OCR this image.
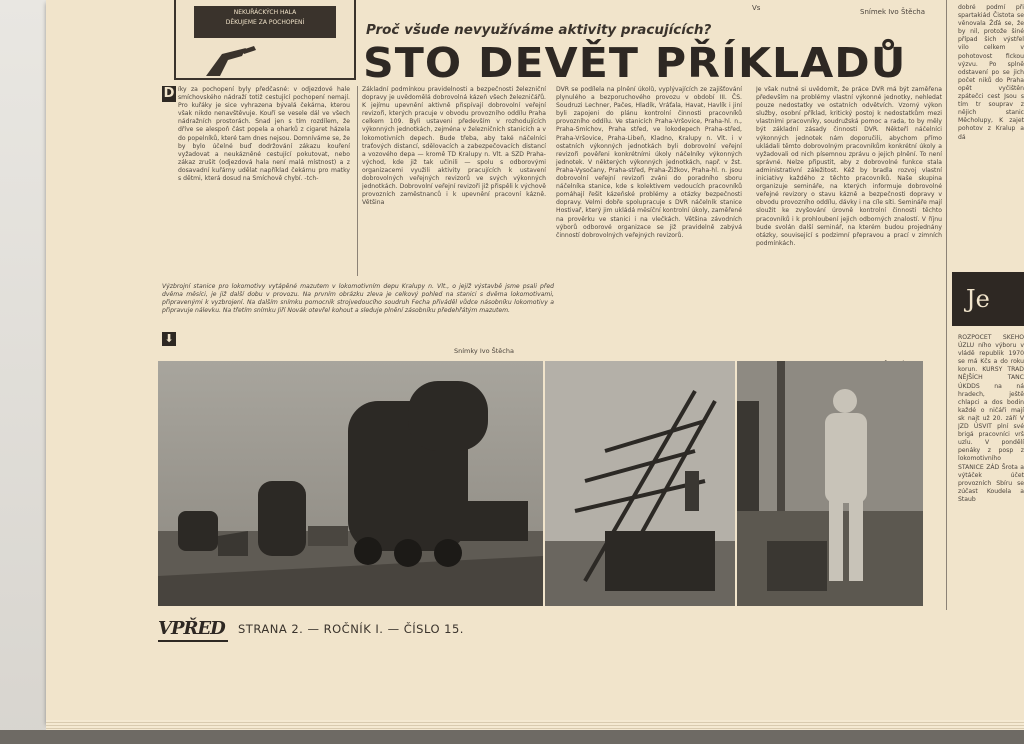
NEKUŘÁCKÝCH HALA
DĚKUJEME ZA POCHOPENÍ
Vs	Snímek Ivo Štěcha
Proč všude nevyužíváme aktivity pracujících?
STO DEVĚT PŘÍKLADŮ
D íky za pochopení byly předčasné: v odjezdové hale smíchovského nádraží totiž cestující pochopení nemají. Pro kuřáky je sice vyhrazena bývalá čekárna, kterou však nikdo nenavštěvuje. Kouří se vesele dál ve všech nádražních prostorách. Snad jen s tím rozdílem, že dříve se alespoň část popela a oharků z cigaret házela do popelníků, které tam dnes nejsou. Domníváme se, že by bylo účelné buď dodržování zákazu kouření vyžadovat a neukázněné cestující pokutovat, nebo zákaz zrušit (odjezdová hala není malá místnost) a z dosavadní kuřárny udělat například čekárnu pro matky s dětmi, která dosud na Smíchově chybí. -tch-
Základní podmínkou pravidelnosti a bezpečnosti železniční dopravy je uvědomělá dobrovolná kázeň všech železničářů. K jejímu upevnění aktivně přispívají dobrovolní veřejní revizoři, kterých pracuje v obvodu provozního oddílu Praha celkem 109. Byli ustaveni především v rozhodujících výkonných jednotkách, zejména v železničních stanicích a v lokomotivních depech. Bude třeba, aby také náčelníci traťových distancí, sdělovacích a zabezpečovacích distancí a vozového depa — kromě TD Kralupy n. Vlt. a SZD Praha-východ, kde již tak učinili — spolu s odborovými organizacemi využili aktivity pracujících k ustavení dobrovolných veřejných revizorů ve svých výkonných jednotkách. Dobrovolní veřejní revizoři již přispěli k výchově provozních zaměstnanců i k upevnění pracovní kázně. Většina
DVR se podílela na plnění úkolů, vyplývajících ze zajišťování plynulého a bezporuchového provozu v období III. ČS. Soudruzi Lechner, Pačes, Hladík, Vráťala, Havat, Havlík i jiní byli zapojeni do plánu kontrolní činnosti pracovníků provozního oddílu. Ve stanicích Praha-Vršovice, Praha-hl. n., Praha-Smíchov, Praha střed, ve lokodepech Praha-střed, Praha-Vršovice, Praha-Libeň, Kladno, Kralupy n. Vlt. i v ostatních výkonných jednotkách byli dobrovolní veřejní revizoři pověřeni konkrétními úkoly náčelníky výkonných jednotek. V některých výkonných jednotkách, např. v žst. Praha-Vysočany, Praha-střed, Praha-Žižkov, Praha-hl. n. jsou dobrovolní veřejní revizoři zváni do poradního sboru náčelníka stanice, kde s kolektivem vedoucích pracovníků pomáhají řešit kázeňské problémy a otázky bezpečnosti dopravy. Velmi dobře spolupracuje s DVR náčelník stanice Hostivař, který jim ukládá měsíční kontrolní úkoly, zaměřené na prověrku ve stanici i na vlečkách. Většina závodních výborů odborové organizace se již pravidelně zabývá činností dobrovolných veřejných revizorů.
Je však nutné si uvědomit, že práce DVR má být zaměřena především na problémy vlastní výkonné jednotky, nehledat pouze nedostatky ve ostatních odvětvích. Vzorný výkon služby, osobní příklad, kritický postoj k nedostatkům mezi vlastními pracovníky, soudružská pomoc a rada, to by měly být základní zásady činnosti DVR. Někteří náčelníci výkonných jednotek nám doporučili, abychom přímo ukládali těmto dobrovolným pracovníkům konkrétní úkoly a vyžadovali od nich písemnou zprávu o jejich plnění. To není správné. Nelze připustit, aby z dobrovolné funkce stala administrativní záležitost. Kéž by bradla rozvoj vlastní iniciativy každého z těchto pracovníků. Naše skupina organizuje semináře, na kterých informuje dobrovolné veřejné revizory o stavu kázně a bezpečnosti dopravy v obvodu provozního oddílu, dávky i na cíle síti. Semináře mají sloužit ke zvyšování úrovně kontrolní činnosti těchto pracovníků i k prohloubení jejich odborných znalostí. V říjnu bude svolán další seminář, na kterém budou projednány otázky, související s podzimní přepravou a prací v zimních podmínkách.
Výzbrojní stanice pro lokomotivy vytápěné mazutem v lokomotivním depu Kralupy n. Vlt., o jejíž výstavbě jsme psali před dvěma měsíci, je již další dobu v provozu. Na prvním obrázku zleva je celkový pohled na stanici s dvěma lokomotivami, připravenými k vyzbrojení. Na dalším snímku pomocník strojvedoucího soudruh Fecha přiváděl vůdce násobníku lokomotivy a připravuje nálevku. Na třetím snímku Jiří Novák otevřel kohout a sleduje plnění zásobníku předehřátým mazutem.
⬇
Snímky Ivo Štěcha
VPŘED STRANA 2. — ROČNÍK I. — ČÍSLO 15.
dobré podmí při spartakiád Čistota se věnovala Žďá se, že by nil, protože šiné případ šich výstřel vilo celkem v pohotovost fickou výzvu. Po splně odstavení po se jich počet niků do Praha opět vyčištěn zpátečci cest Jsou s tím tr souprav z nějich stanic Měcholupy, K zajet pohotov z Kralup a dá
Je
ROZPOČET SKÉHO ÚZLU ního výboru v vládě republik 1970 se má Kčs a do roku korun. KURSY TRAD NĚJŠÍCH TANC ÚKDDS na ná hradech, ještě chlapci a dos bodin každé o ničáři mají sk najt už 20. září V JZD ÚSVIT plní své brigá pracovníci vrš uzlu. V pondělí penáky z posp z lokomotivního STANICE ZÁD Šrota a výtáček účet provozních Sbíru se zúčast Koudela a Staub
